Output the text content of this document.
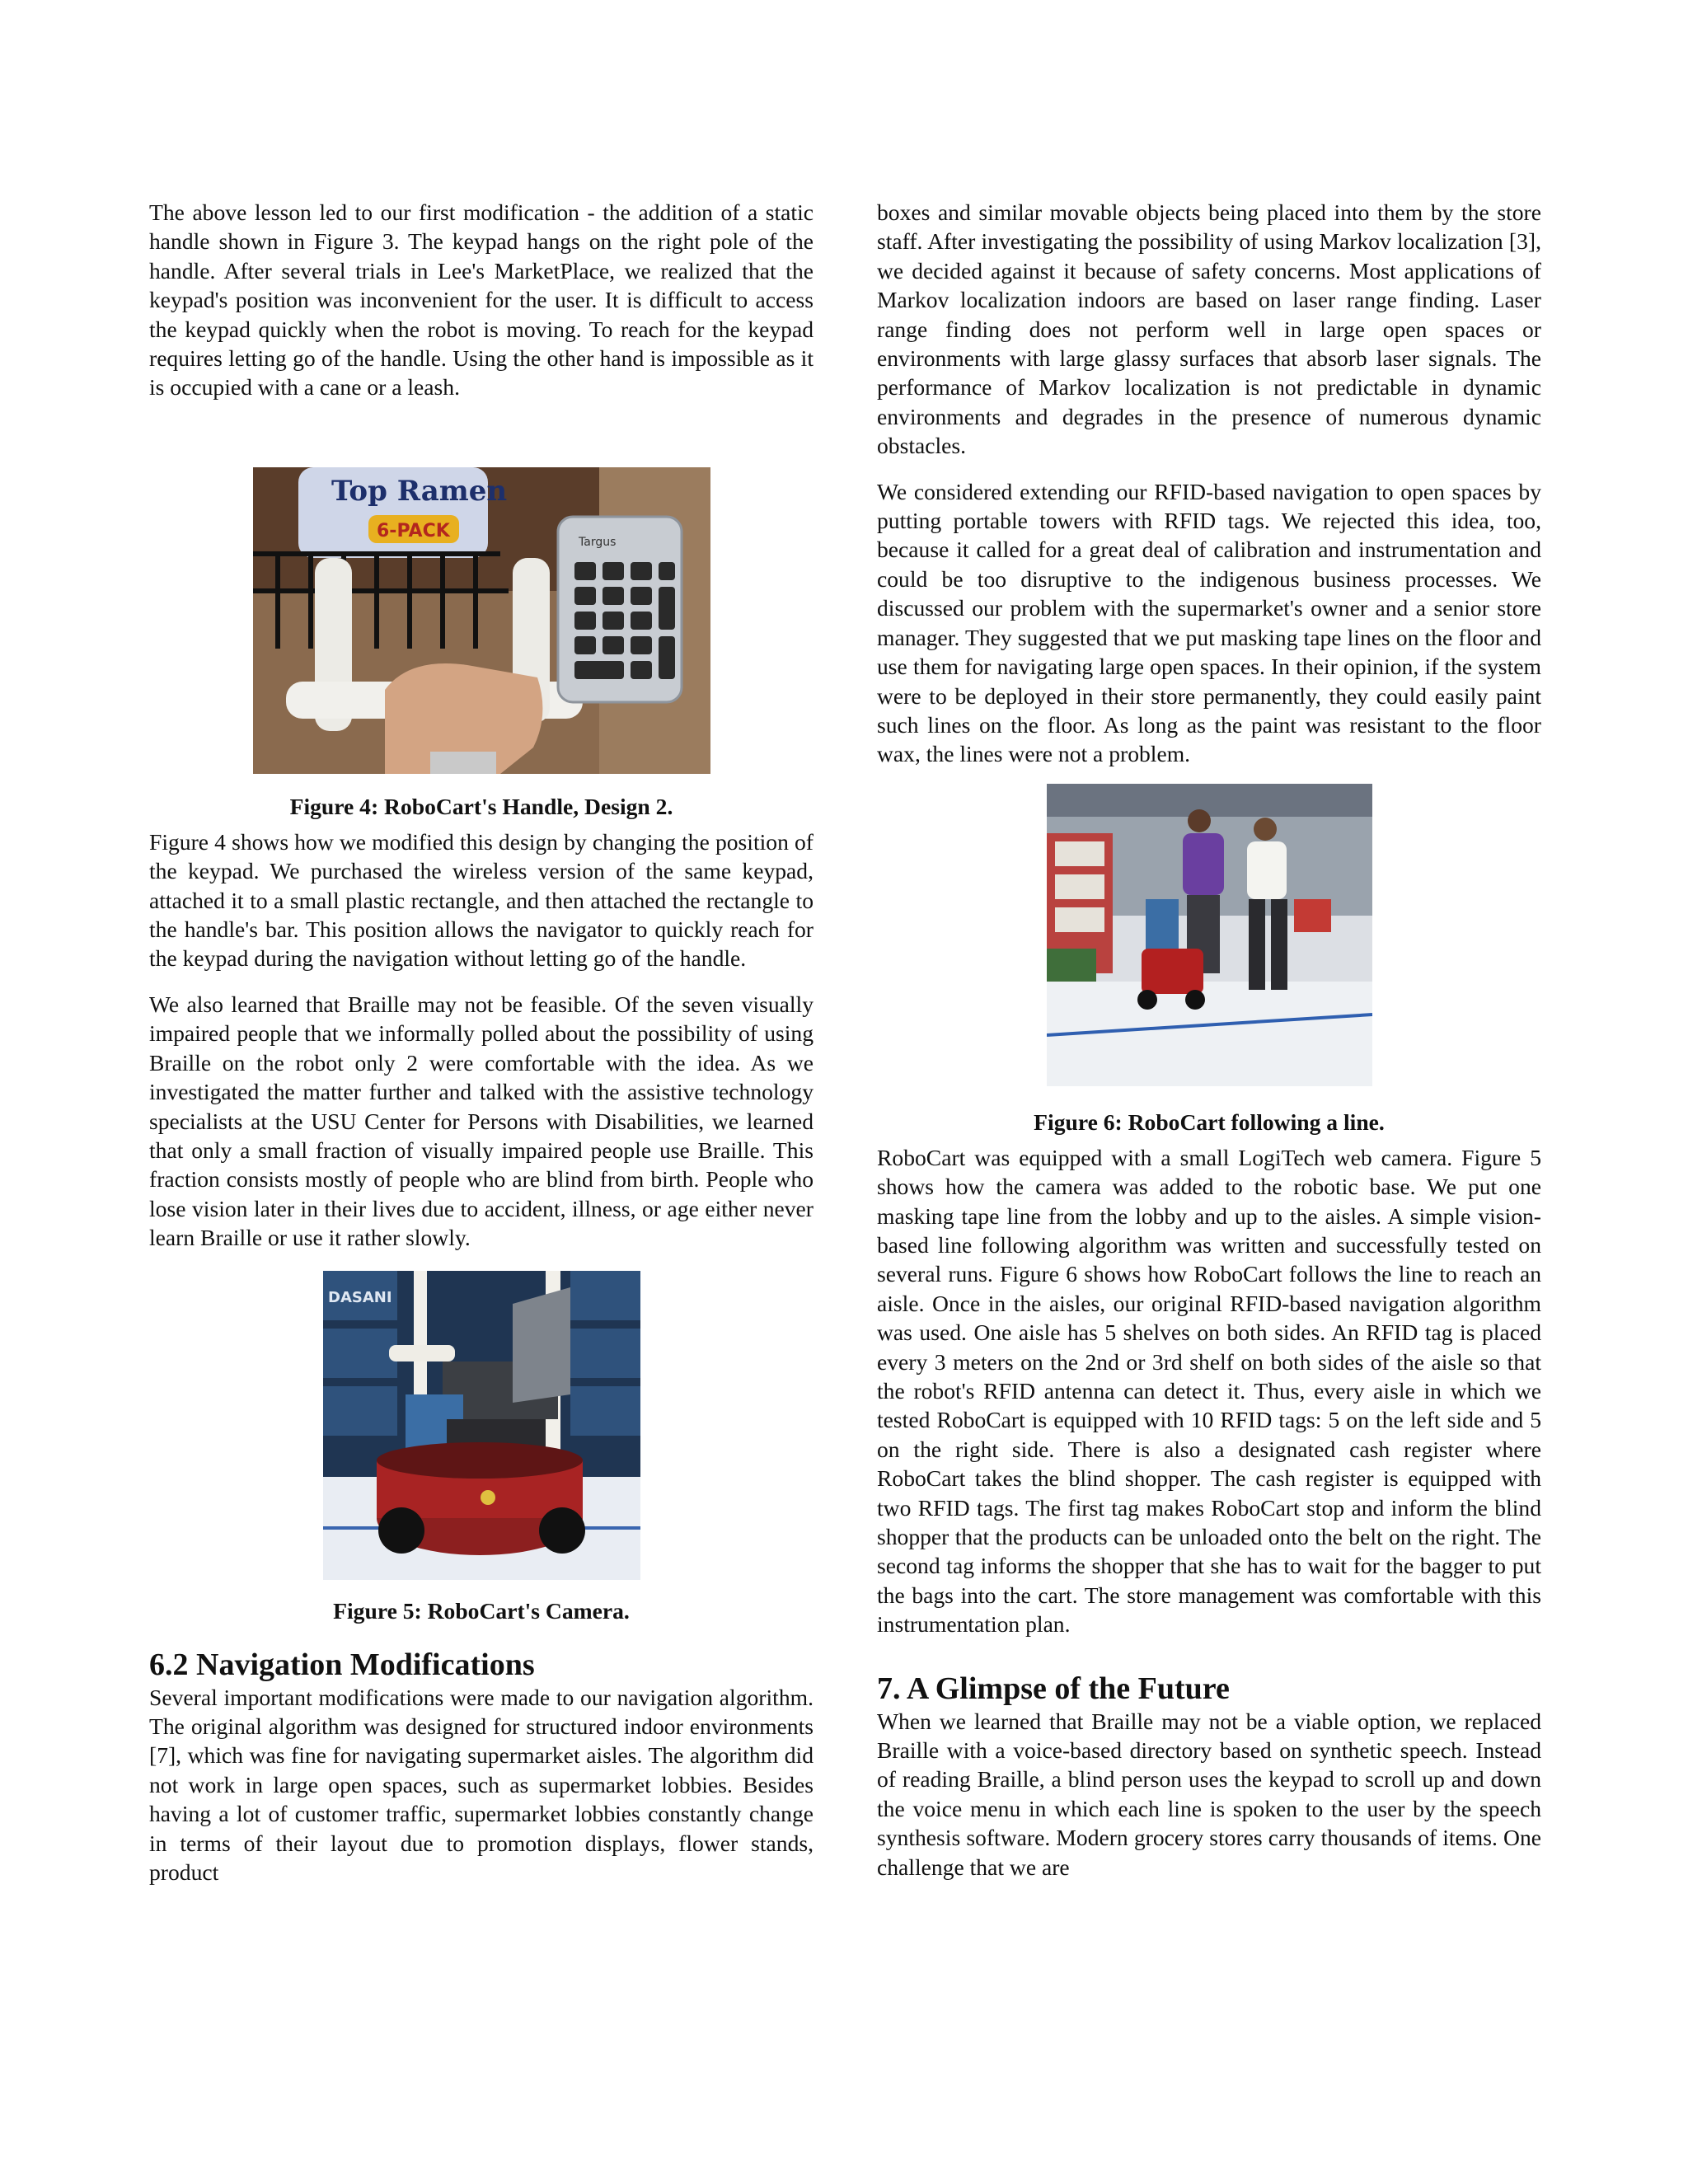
The above lesson led to our first modification - the addition of a static handle shown in Figure 3. The keypad hangs on the right pole of the handle. After several trials in Lee's MarketPlace, we realized that the keypad's position was inconvenient for the user. It is difficult to access the keypad quickly when the robot is moving. To reach for the keypad requires letting go of the handle. Using the other hand is impossible as it is occupied with a cane or a leash.

Top Ramen
6-PACK
Targus

Figure 4: RoboCart's Handle, Design 2.

Figure 4 shows how we modified this design by changing the position of the keypad. We purchased the wireless version of the same keypad, attached it to a small plastic rectangle, and then attached the rectangle to the handle's bar. This position allows the navigator to quickly reach for the keypad during the navigation without letting go of the handle.

We also learned that Braille may not be feasible. Of the seven visually impaired people that we informally polled about the possibility of using Braille on the robot only 2 were comfortable with the idea. As we investigated the matter further and talked with the assistive technology specialists at the USU Center for Persons with Disabilities, we learned that only a small fraction of visually impaired people use Braille. This fraction consists mostly of people who are blind from birth. People who lose vision later in their lives due to accident, illness, or age either never learn Braille or use it rather slowly.

DASANI

Figure 5: RoboCart's Camera.

6.2 Navigation Modifications

Several important modifications were made to our navigation algorithm. The original algorithm was designed for structured indoor environments [7], which was fine for navigating supermarket aisles. The algorithm did not work in large open spaces, such as supermarket lobbies. Besides having a lot of customer traffic, supermarket lobbies constantly change in terms of their layout due to promotion displays, flower stands, product

boxes and similar movable objects being placed into them by the store staff. After investigating the possibility of using Markov localization [3], we decided against it because of safety concerns. Most applications of Markov localization indoors are based on laser range finding. Laser range finding does not perform well in large open spaces or environments with large glassy surfaces that absorb laser signals. The performance of Markov localization is not predictable in dynamic environments and degrades in the presence of numerous dynamic obstacles.

We considered extending our RFID-based navigation to open spaces by putting portable towers with RFID tags. We rejected this idea, too, because it called for a great deal of calibration and instrumentation and could be too disruptive to the indigenous business processes. We discussed our problem with the supermarket's owner and a senior store manager. They suggested that we put masking tape lines on the floor and use them for navigating large open spaces. In their opinion, if the system were to be deployed in their store permanently, they could easily paint such lines on the floor. As long as the paint was resistant to the floor wax, the lines were not a problem.

Figure 6: RoboCart following a line.

RoboCart was equipped with a small LogiTech web camera. Figure 5 shows how the camera was added to the robotic base. We put one masking tape line from the lobby and up to the aisles. A simple vision-based line following algorithm was written and successfully tested on several runs. Figure 6 shows how RoboCart follows the line to reach an aisle. Once in the aisles, our original RFID-based navigation algorithm was used. One aisle has 5 shelves on both sides. An RFID tag is placed every 3 meters on the 2nd or 3rd shelf on both sides of the aisle so that the robot's RFID antenna can detect it. Thus, every aisle in which we tested RoboCart is equipped with 10 RFID tags: 5 on the left side and 5 on the right side. There is also a designated cash register where RoboCart takes the blind shopper. The cash register is equipped with two RFID tags. The first tag makes RoboCart stop and inform the blind shopper that the products can be unloaded onto the belt on the right. The second tag informs the shopper that she has to wait for the bagger to put the bags into the cart. The store management was comfortable with this instrumentation plan.

7. A Glimpse of the Future

When we learned that Braille may not be a viable option, we replaced Braille with a voice-based directory based on synthetic speech. Instead of reading Braille, a blind person uses the keypad to scroll up and down the voice menu in which each line is spoken to the user by the speech synthesis software. Modern grocery stores carry thousands of items. One challenge that we are
